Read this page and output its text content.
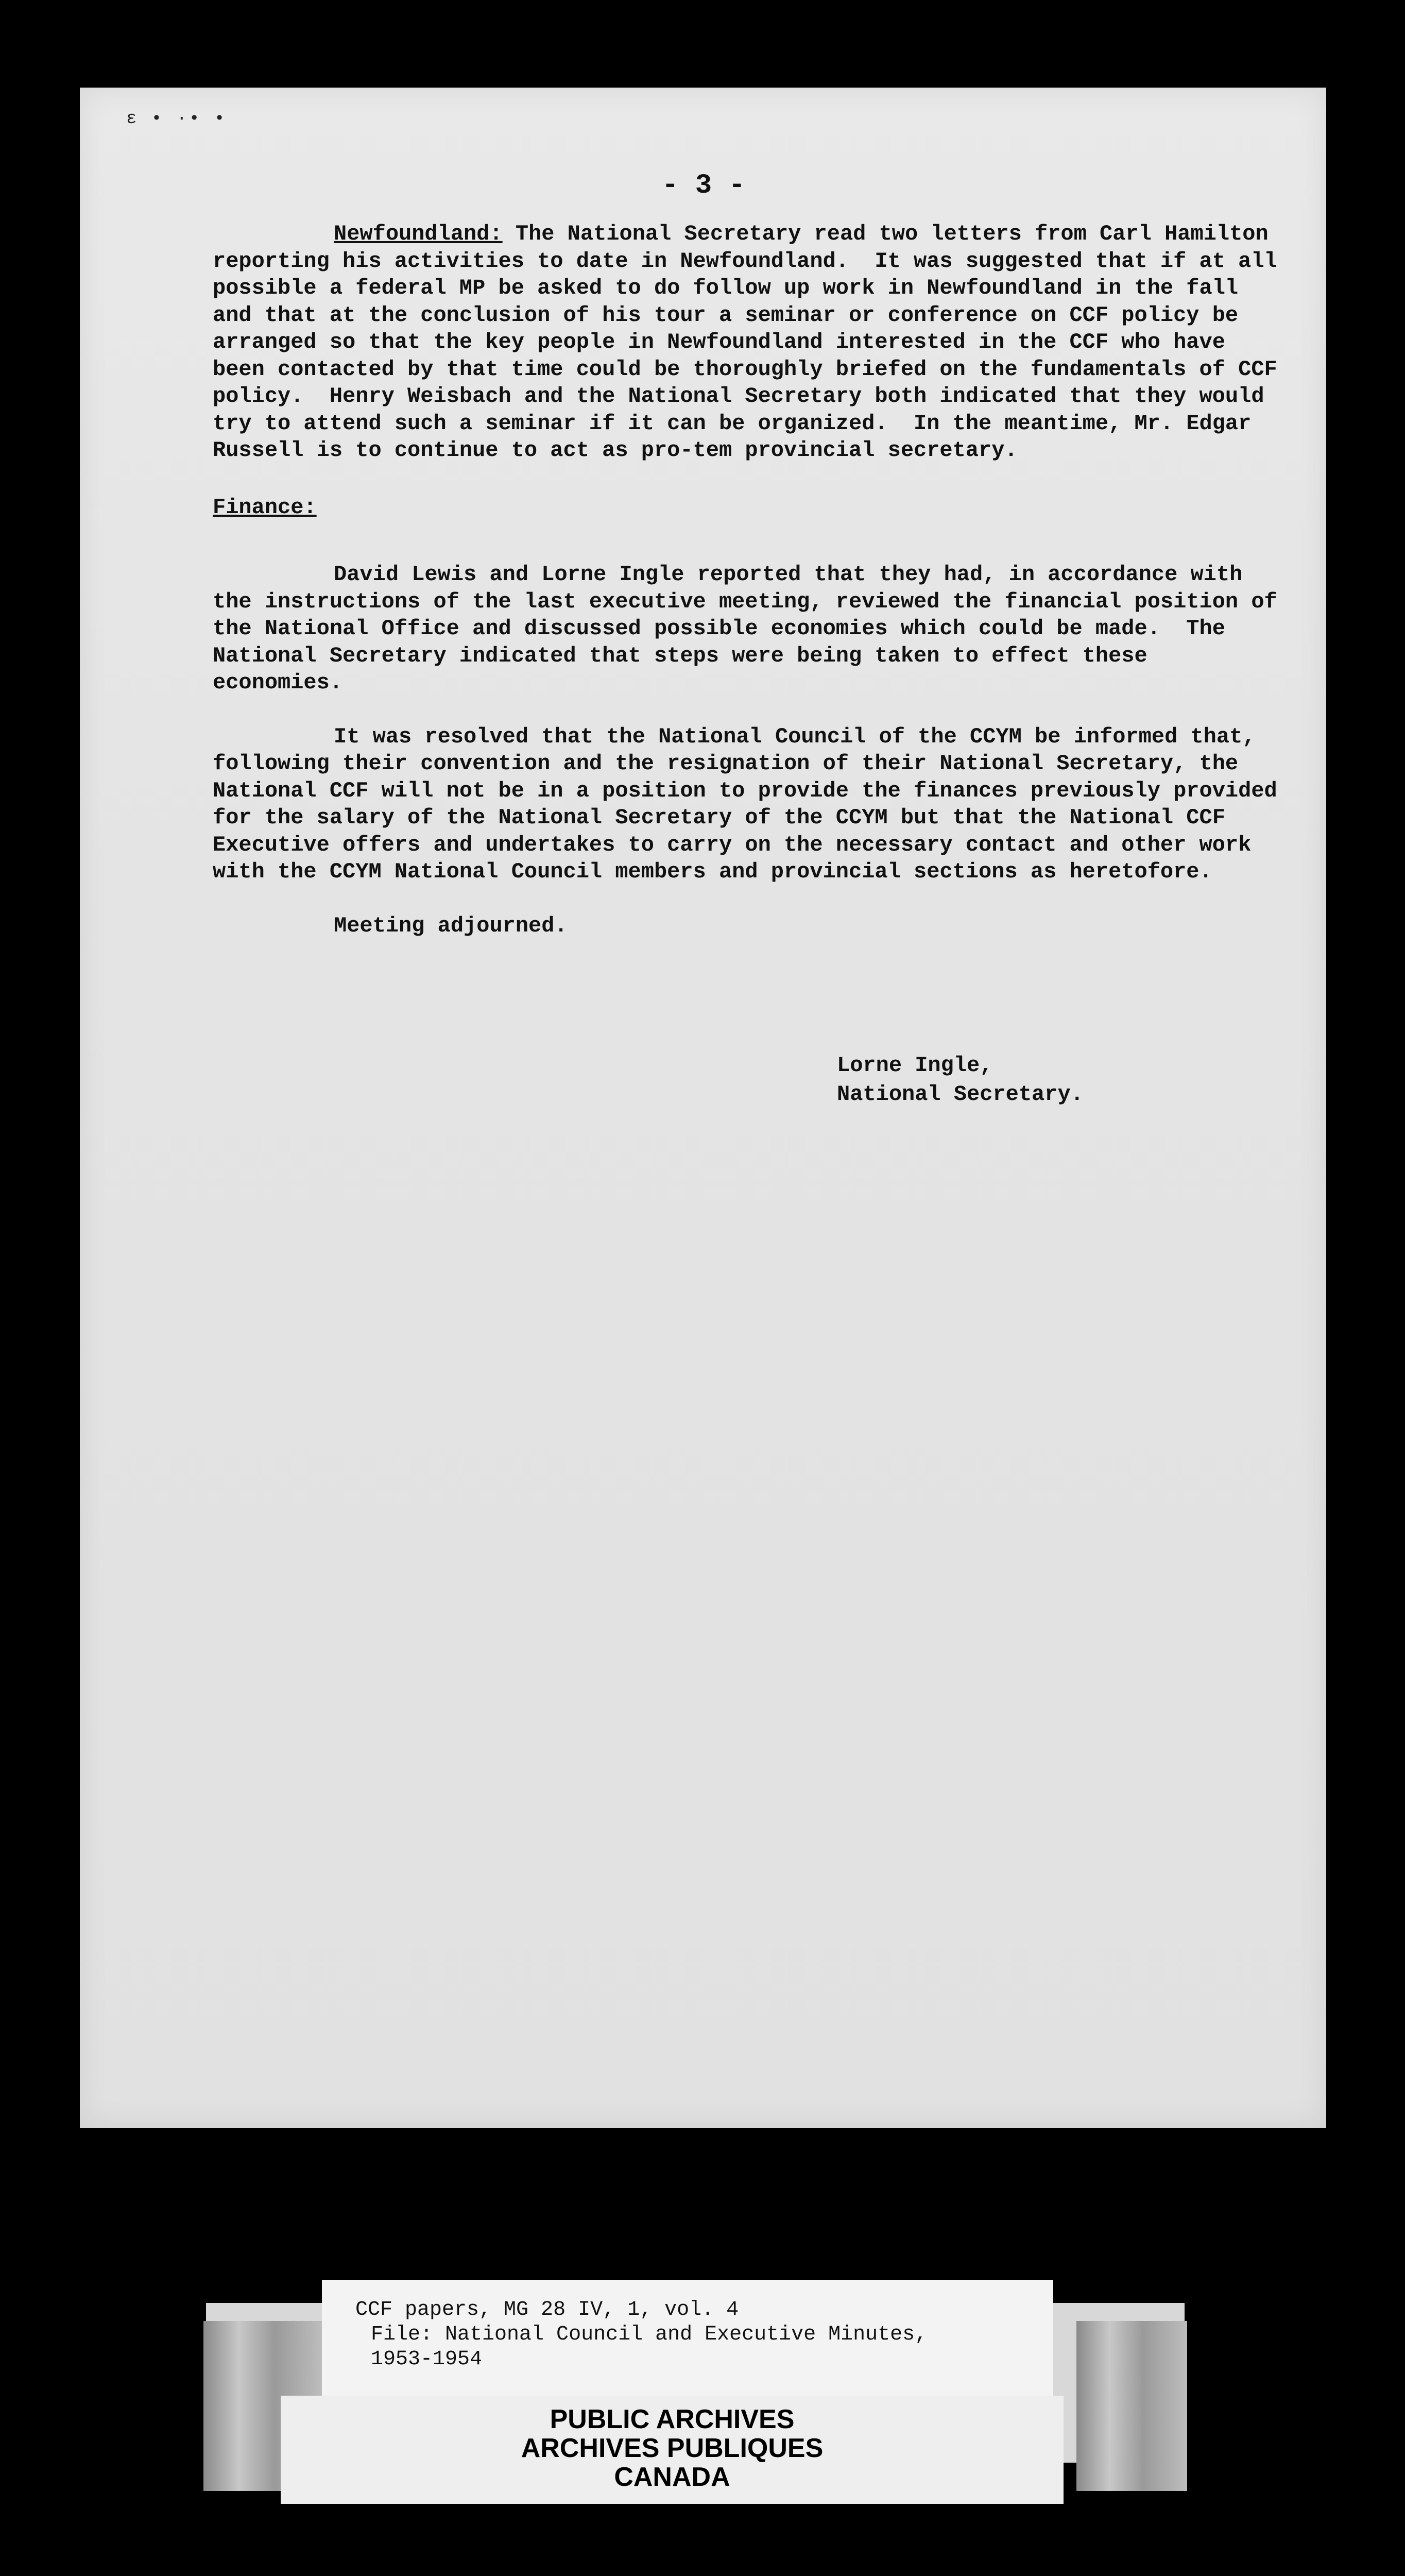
ɛ • ·• •
- 3 -

Newfoundland: The National Secretary read two letters from Carl Hamilton reporting his activities to date in Newfoundland.  It was suggested that if at all possible a federal MP be asked to do follow up work in Newfoundland in the fall and that at the conclusion of his tour a seminar or conference on CCF policy be arranged so that the key people in Newfoundland interested in the CCF who have been contacted by that time could be thoroughly briefed on the fundamentals of CCF policy.  Henry Weisbach and the National Secretary both indicated that they would try to attend such a seminar if it can be organized.  In the meantime, Mr. Edgar Russell is to continue to act as pro-tem provincial secretary.

Finance:

David Lewis and Lorne Ingle reported that they had, in accordance with the instructions of the last executive meeting, reviewed the financial position of the National Office and discussed possible economies which could be made.  The National Secretary indicated that steps were being taken to effect these economies.

It was resolved that the National Council of the CCYM be informed that, following their convention and the resignation of their National Secretary, the National CCF will not be in a position to provide the finances previously provided for the salary of the National Secretary of the CCYM but that the National CCF Executive offers and undertakes to carry on the necessary contact and other work with the CCYM National Council members and provincial sections as heretofore.

Meeting adjourned.

Lorne Ingle,
National Secretary.
CCF papers, MG 28 IV, 1, vol. 4
File: National Council and Executive Minutes,
1953-1954
PUBLIC ARCHIVES
ARCHIVES PUBLIQUES
CANADA
